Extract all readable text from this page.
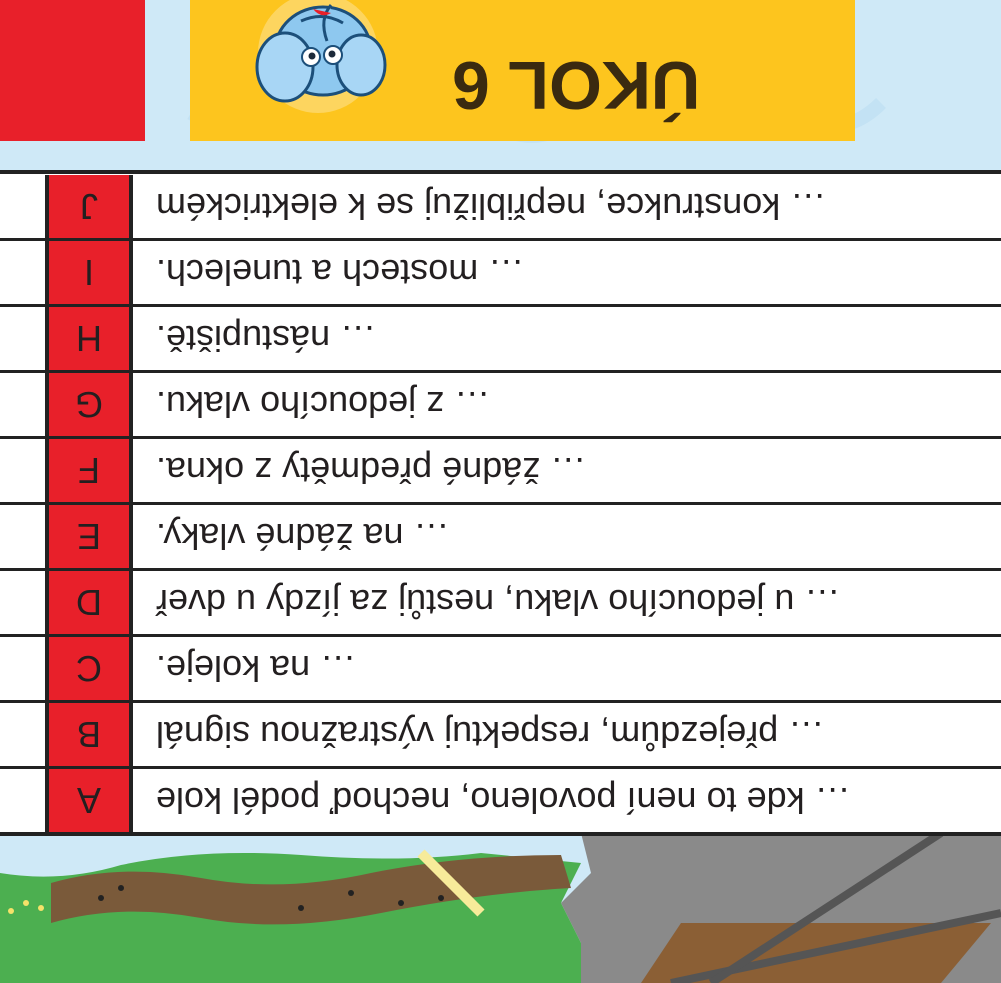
… kde to není povoleno, nechoď podél kole
A
… přejezdům, respektuj výstražnou signál
B
… na koleje.
C
… u jedoucího vlaku, nestůj za jízdy u dveř
D
… na žádné vlaky.
E
… žádné předměty z okna.
F
… z jedoucího vlaku.
G
… nástupiště.
H
… mostech a tunelech.
I
… konstrukce, nepřibližuj se k elektrickém
J
ÚKOL 6
